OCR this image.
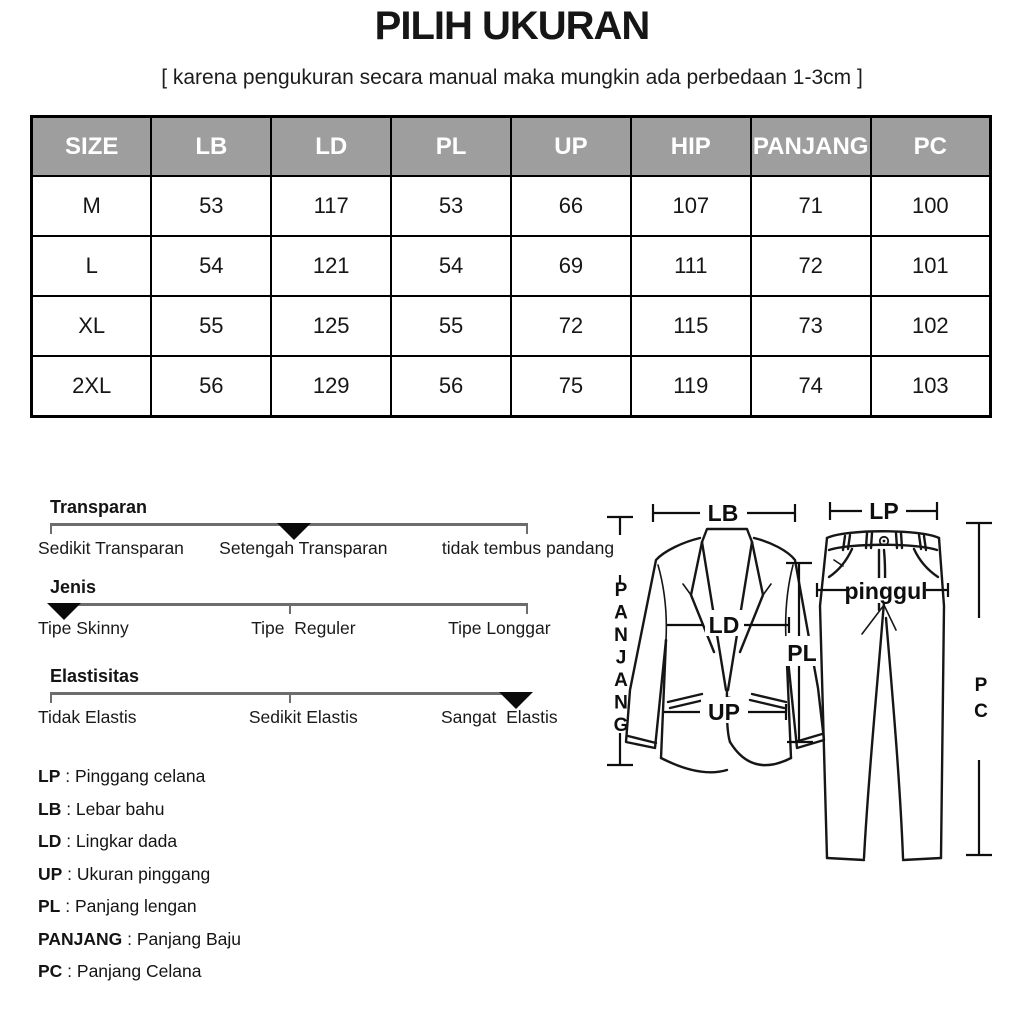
PILIH UKURAN

[ karena pengukuran secara manual maka mungkin ada perbedaan 1-3cm ]

SIZE	LB	LD	PL	UP	HIP	PANJANG	PC
M	53	117	53	66	107	71	100
L	54	121	54	69	111	72	101
XL	55	125	55	72	115	73	102
2XL	56	129	56	75	119	74	103
Transparan

Sedikit Transparan

Setengah Transparan

	tidak tembus pandang

Jenis

Tipe Skinny

	Tipe  Reguler

	Tipe Longgar

Elastisitas

Tidak Elastis

	Sedikit Elastis

	Sangat  Elastis

LP : Pinggang celana
LB : Lebar bahu
LD : Lingkar dada
UP : Ukuran pinggang
PL : Panjang lengan
PANJANG : Panjang Baju
PC : Panjang Celana
P
A
N
J
A
N
G
LB
LD
PL
UP
LP
pinggul
P
C
